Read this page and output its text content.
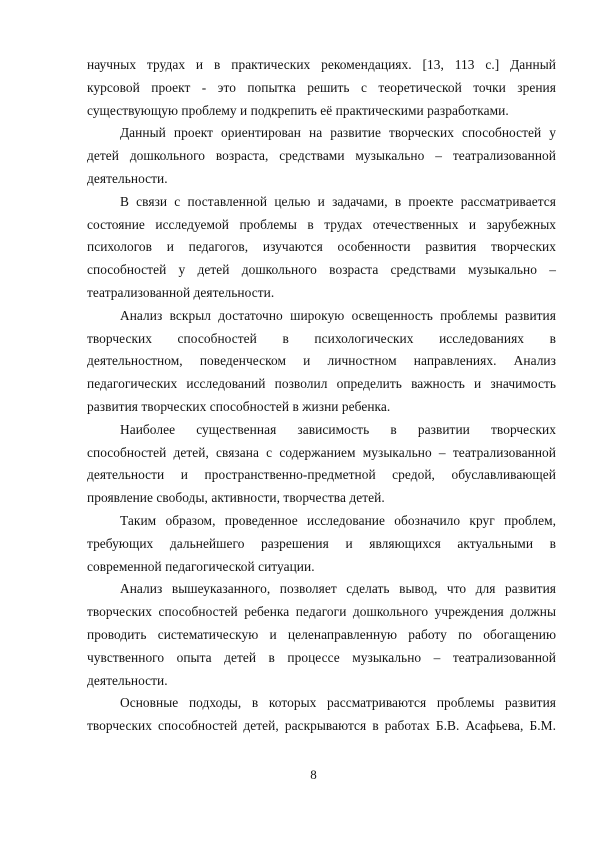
научных трудах и в практических рекомендациях. [13, 113 с.] Данный
курсовой проект - это попытка решить с теоретической точки зрения
существующую проблему и подкрепить её практическими разработками.
Данный проект ориентирован на развитие творческих способностей у
детей дошкольного возраста, средствами музыкально – театрализованной
деятельности.
В связи с поставленной целью и задачами, в проекте рассматривается
состояние исследуемой проблемы в трудах отечественных и зарубежных
психологов и педагогов, изучаются особенности развития творческих
способностей у детей дошкольного возраста средствами музыкально –
театрализованной деятельности.
Анализ вскрыл достаточно широкую освещенность проблемы развития
творческих способностей в психологических исследованиях в
деятельностном, поведенческом и личностном направлениях. Анализ
педагогических исследований позволил определить важность и значимость
развития творческих способностей в жизни ребенка.
Наиболее существенная зависимость в развитии творческих
способностей детей, связана с содержанием музыкально – театрализованной
деятельности и пространственно-предметной средой, обуславливающей
проявление свободы, активности, творчества детей.
Таким образом, проведенное исследование обозначило круг проблем,
требующих дальнейшего разрешения и являющихся актуальными в
современной педагогической ситуации.
Анализ вышеуказанного, позволяет сделать вывод, что для развития
творческих способностей ребенка педагоги дошкольного учреждения должны
проводить систематическую и целенаправленную работу по обогащению
чувственного опыта детей в процессе музыкально – театрализованной
деятельности.
Основные подходы, в которых рассматриваются проблемы развития
творческих способностей детей, раскрываются в работах Б.В. Асафьева, Б.М.
8
